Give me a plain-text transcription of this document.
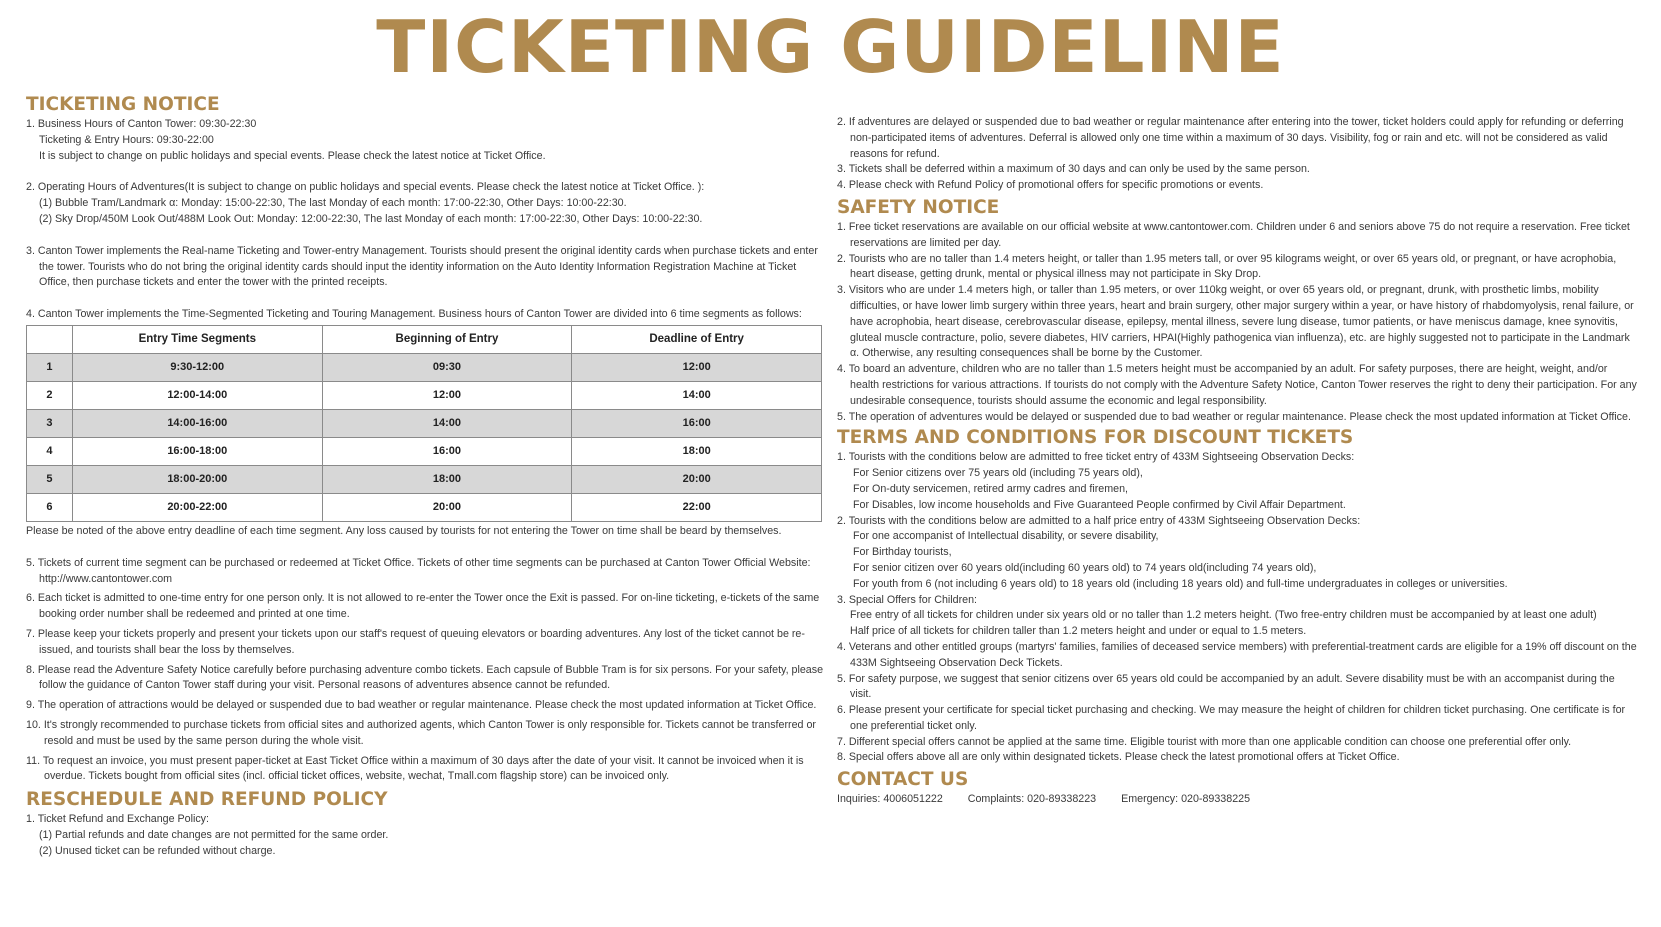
TICKETING GUIDELINE
TICKETING NOTICE
1. Business Hours of Canton Tower: 09:30-22:30
Ticketing & Entry Hours: 09:30-22:00
It is subject to change on public holidays and special events. Please check the latest notice at Ticket Office.
2. Operating Hours of Adventures(It is subject to change on public holidays and special events. Please check the latest notice at Ticket Office. ):
(1) Bubble Tram/Landmark α: Monday: 15:00-22:30, The last Monday of each month: 17:00-22:30, Other Days: 10:00-22:30.
(2) Sky Drop/450M Look Out/488M Look Out: Monday: 12:00-22:30, The last Monday of each month: 17:00-22:30, Other Days: 10:00-22:30.
3. Canton Tower implements the Real-name Ticketing and Tower-entry Management. Tourists should present the original identity cards when purchase tickets and enter the tower. Tourists who do not bring the original identity cards should input the identity information on the Auto Identity Information Registration Machine at Ticket Office, then purchase tickets and enter the tower with the printed receipts.
4. Canton Tower implements the Time-Segmented Ticketing and Touring Management. Business hours of Canton Tower are divided into 6 time segments as follows:
	Entry Time Segments	Beginning of Entry	Deadline of Entry
1	9:30-12:00	09:30	12:00
2	12:00-14:00	12:00	14:00
3	14:00-16:00	14:00	16:00
4	16:00-18:00	16:00	18:00
5	18:00-20:00	18:00	20:00
6	20:00-22:00	20:00	22:00
Please be noted of the above entry deadline of each time segment. Any loss caused by tourists for not entering the Tower on time shall be beard by themselves.
5. Tickets of current time segment can be purchased or redeemed at Ticket Office. Tickets of other time segments can be purchased at Canton Tower Official Website: http://www.cantontower.com
6. Each ticket is admitted to one-time entry for one person only. It is not allowed to re-enter the Tower once the Exit is passed. For on-line ticketing, e-tickets of the same booking order number shall be redeemed and printed at one time.
7. Please keep your tickets properly and present your tickets upon our staff's request of queuing elevators or boarding adventures. Any lost of the ticket cannot be re-issued, and tourists shall bear the loss by themselves.
8. Please read the Adventure Safety Notice carefully before purchasing adventure combo tickets. Each capsule of Bubble Tram is for six persons. For your safety, please follow the guidance of Canton Tower staff during your visit. Personal reasons of adventures absence cannot be refunded.
9. The operation of attractions would be delayed or suspended due to bad weather or regular maintenance. Please check the most updated information at Ticket Office.
10. It's strongly recommended to purchase tickets from official sites and authorized agents, which Canton Tower is only responsible for. Tickets cannot be transferred or resold and must be used by the same person during the whole visit.
11. To request an invoice, you must present paper-ticket at East Ticket Office within a maximum of 30 days after the date of your visit. It cannot be invoiced when it is overdue. Tickets bought from official sites (incl. official ticket offices, website, wechat, Tmall.com flagship store) can be invoiced only.
RESCHEDULE AND REFUND POLICY
1. Ticket Refund and Exchange Policy:
(1) Partial refunds and date changes are not permitted for the same order.
(2) Unused ticket can be refunded without charge.
2. If adventures are delayed or suspended due to bad weather or regular maintenance after entering into the tower, ticket holders could apply for refunding or deferring non-participated items of adventures. Deferral is allowed only one time within a maximum of 30 days. Visibility, fog or rain and etc. will not be considered as valid reasons for refund.
3. Tickets shall be deferred within a maximum of 30 days and can only be used by the same person.
4. Please check with Refund Policy of promotional offers for specific promotions or events.
SAFETY NOTICE
1. Free ticket reservations are available on our official website at www.cantontower.com. Children under 6 and seniors above 75 do not require a reservation. Free ticket reservations are limited per day.
2. Tourists who are no taller than 1.4 meters height, or taller than 1.95 meters tall, or over 95 kilograms weight, or over 65 years old, or pregnant, or have acrophobia, heart disease, getting drunk, mental or physical illness may not participate in Sky Drop.
3. Visitors who are under 1.4 meters high, or taller than 1.95 meters, or over 110kg weight, or over 65 years old, or pregnant, drunk, with prosthetic limbs, mobility difficulties, or have lower limb surgery within three years, heart and brain surgery, other major surgery within a year, or have history of rhabdomyolysis, renal failure, or have acrophobia, heart disease, cerebrovascular disease, epilepsy, mental illness, severe lung disease, tumor patients, or have meniscus damage, knee synovitis, gluteal muscle contracture, polio, severe diabetes, HIV carriers, HPAI(Highly pathogenica vian influenza), etc. are highly suggested not to participate in the Landmark α. Otherwise, any resulting consequences shall be borne by the Customer.
4. To board an adventure, children who are no taller than 1.5 meters height must be accompanied by an adult. For safety purposes, there are height, weight, and/or health restrictions for various attractions. If tourists do not comply with the Adventure Safety Notice, Canton Tower reserves the right to deny their participation. For any undesirable consequence, tourists should assume the economic and legal responsibility.
5. The operation of adventures would be delayed or suspended due to bad weather or regular maintenance. Please check the most updated information at Ticket Office.
TERMS AND CONDITIONS FOR DISCOUNT TICKETS
1. Tourists with the conditions below are admitted to free ticket entry of 433M Sightseeing Observation Decks:
For Senior citizens over 75 years old (including 75 years old),
For On-duty servicemen, retired army cadres and firemen,
For Disables, low income households and Five Guaranteed People confirmed by Civil Affair Department.
2. Tourists with the conditions below are admitted to a half price entry of 433M Sightseeing Observation Decks:
For one accompanist of Intellectual disability, or severe disability,
For Birthday tourists,
For senior citizen over 60 years old(including 60 years old) to 74 years old(including 74 years old),
For youth from 6 (not including 6 years old) to 18 years old (including 18 years old) and full-time undergraduates in colleges or universities.
3. Special Offers for Children:
Free entry of all tickets for children under six years old or no taller than 1.2 meters height. (Two free-entry children must be accompanied by at least one adult)
Half price of all tickets for children taller than 1.2 meters height and under or equal to 1.5 meters.
4. Veterans and other entitled groups (martyrs' families, families of deceased service members) with preferential-treatment cards are eligible for a 19% off discount on the 433M Sightseeing Observation Deck Tickets.
5. For safety purpose, we suggest that senior citizens over 65 years old could be accompanied by an adult. Severe disability must be with an accompanist during the visit.
6. Please present your certificate for special ticket purchasing and checking. We may measure the height of children for children ticket purchasing. One certificate is for one preferential ticket only.
7. Different special offers cannot be applied at the same time. Eligible tourist with more than one applicable condition can choose one preferential offer only.
8. Special offers above all are only within designated tickets. Please check the latest promotional offers at Ticket Office.
CONTACT US
Inquiries: 4006051222 Complaints: 020-89338223 Emergency: 020-89338225
